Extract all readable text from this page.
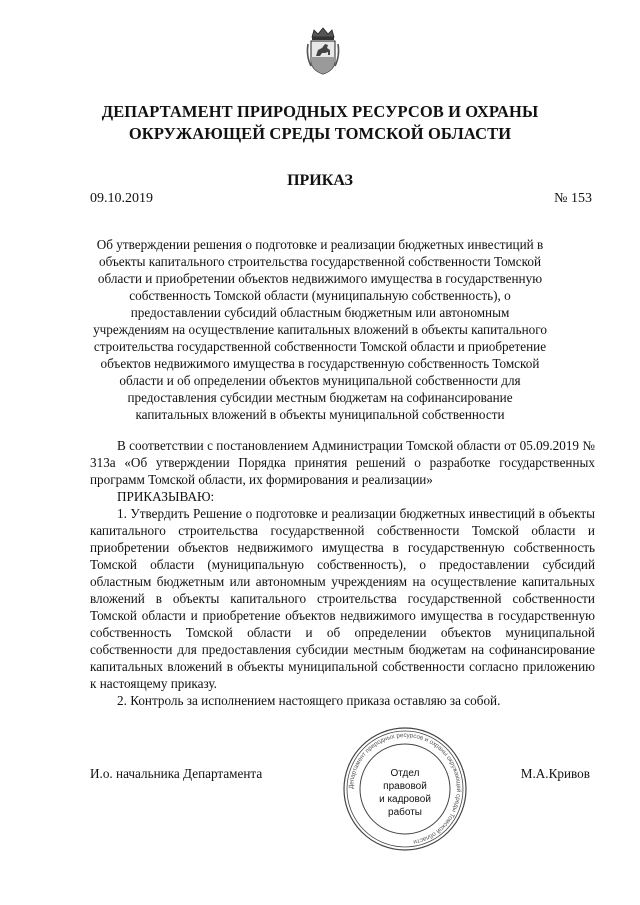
ДЕПАРТАМЕНТ ПРИРОДНЫХ РЕСУРСОВ И ОХРАНЫ
ОКРУЖАЮЩЕЙ СРЕДЫ ТОМСКОЙ ОБЛАСТИ
ПРИКАЗ
09.10.2019	№ 153
Об утверждении решения о подготовке и реализации бюджетных инвестиций в объекты капитального строительства государственной собственности Томской области и приобретении объектов недвижимого имущества в государственную собственность Томской области (муниципальную собственность), о предоставлении субсидий областным бюджетным или автономным учреждениям на осуществление капитальных вложений в объекты капитального строительства государственной собственности Томской области и приобретение объектов недвижимого имущества в государственную собственность Томской области и об определении объектов муниципальной собственности для предоставления субсидии местным бюджетам на софинансирование капитальных вложений в объекты муниципальной собственности

В соответствии с постановлением Администрации Томской области от 05.09.2019 № 313а «Об утверждении Порядка принятия решений о разработке государственных программ Томской области, их формирования и реализации»

ПРИКАЗЫВАЮ:

1. Утвердить Решение о подготовке и реализации бюджетных инвестиций в объекты капитального строительства государственной собственности Томской области и приобретении объектов недвижимого имущества в государственную собственность Томской области (муниципальную собственность), о предоставлении субсидий областным бюджетным или автономным учреждениям на осуществление капитальных вложений в объекты капитального строительства государственной собственности Томской области и приобретение объектов недвижимого имущества в государственную собственность Томской области и об определении объектов муниципальной собственности для предоставления субсидии местным бюджетам на софинансирование капитальных вложений в объекты муниципальной собственности согласно приложению к настоящему приказу.

2. Контроль за исполнением настоящего приказа оставляю за собой.

И.о. начальника Департамента	М.А.Кривов
Департамент природных ресурсов и охраны окружающей среды Томской области
Отдел правовой
и кадровой
работы
